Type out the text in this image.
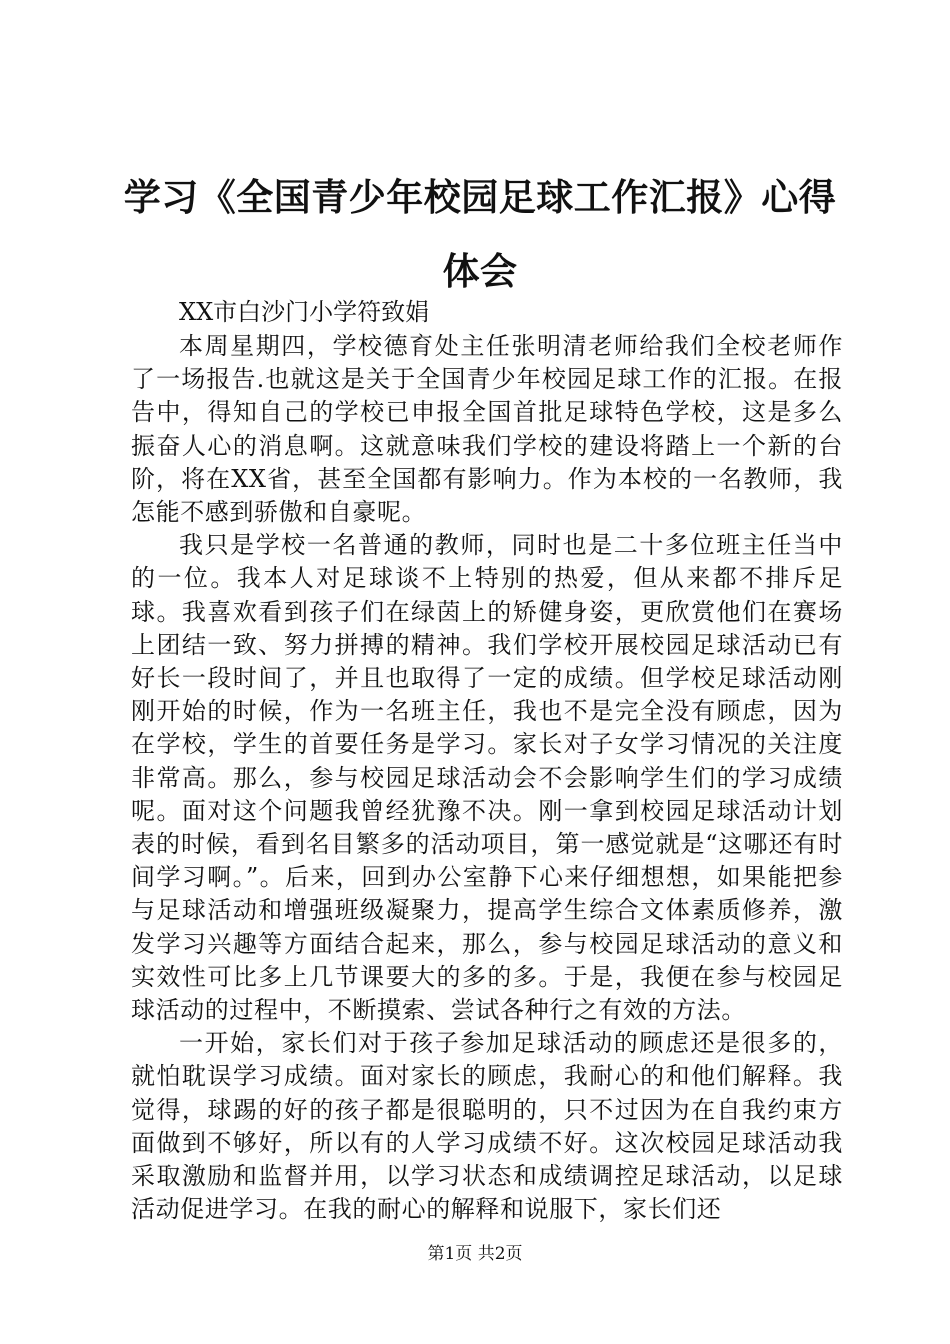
学习《全国青少年校园足球工作汇报》心得体会

XX市白沙门小学符致娟

本周星期四，学校德育处主任张明清老师给我们全校老师作了一场报告.也就这是关于全国青少年校园足球工作的汇报。在报告中，得知自己的学校已申报全国首批足球特色学校，这是多么振奋人心的消息啊。这就意味我们学校的建设将踏上一个新的台阶，将在XX省，甚至全国都有影响力。作为本校的一名教师，我怎能不感到骄傲和自豪呢。

我只是学校一名普通的教师，同时也是二十多位班主任当中的一位。我本人对足球谈不上特别的热爱，但从来都不排斥足球。我喜欢看到孩子们在绿茵上的矫健身姿，更欣赏他们在赛场上团结一致、努力拼搏的精神。我们学校开展校园足球活动已有好长一段时间了，并且也取得了一定的成绩。但学校足球活动刚刚开始的时候，作为一名班主任，我也不是完全没有顾虑，因为在学校，学生的首要任务是学习。家长对子女学习情况的关注度非常高。那么，参与校园足球活动会不会影响学生们的学习成绩呢。面对这个问题我曾经犹豫不决。刚一拿到校园足球活动计划表的时候，看到名目繁多的活动项目，第一感觉就是“这哪还有时间学习啊。”。后来，回到办公室静下心来仔细想想，如果能把参与足球活动和增强班级凝聚力，提高学生综合文体素质修养，激发学习兴趣等方面结合起来，那么，参与校园足球活动的意义和实效性可比多上几节课要大的多的多。于是，我便在参与校园足球活动的过程中，不断摸索、尝试各种行之有效的方法。

一开始，家长们对于孩子参加足球活动的顾虑还是很多的，就怕耽误学习成绩。面对家长的顾虑，我耐心的和他们解释。我觉得，球踢的好的孩子都是很聪明的，只不过因为在自我约束方面做到不够好，所以有的人学习成绩不好。这次校园足球活动我采取激励和监督并用，以学习状态和成绩调控足球活动，以足球活动促进学习。在我的耐心的解释和说服下，家长们还

第1页 共2页
